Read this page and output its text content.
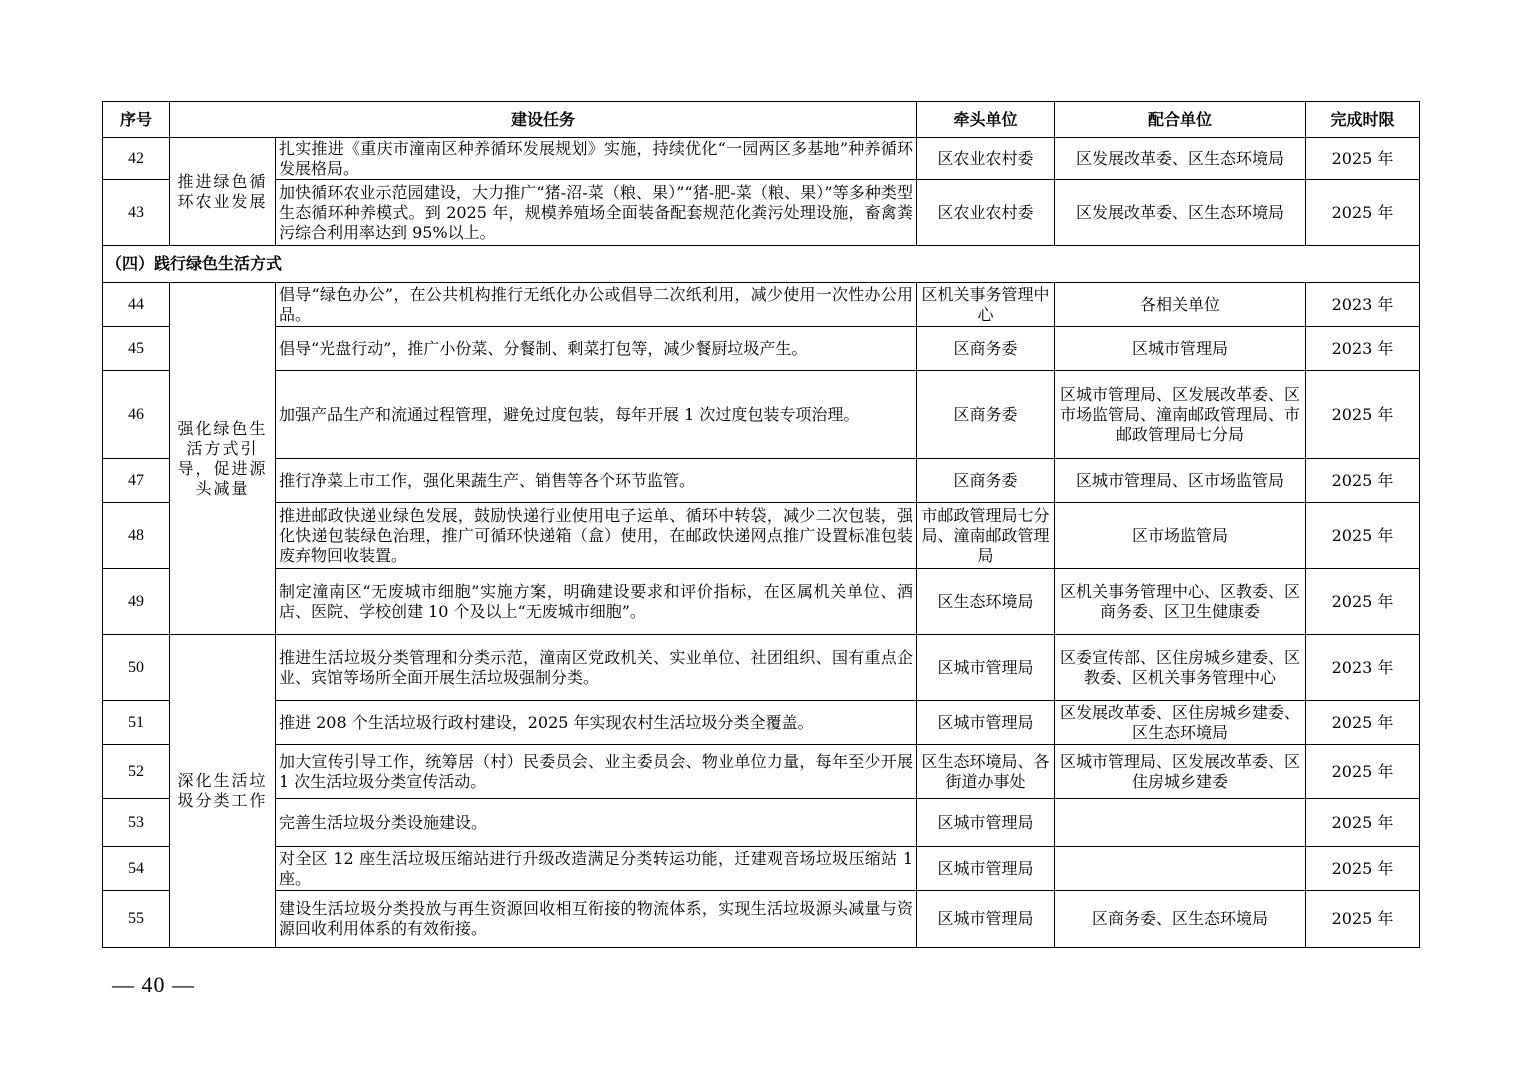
序号	建设任务		牵头单位	配合单位	完成时限
42	推进绿色循环农业发展	扎实推进《重庆市潼南区种养循环发展规划》实施，持续优化“一园两区多基地”种养循环发展格局。	区农业农村委	区发展改革委、区生态环境局	2025 年
43		加快循环农业示范园建设，大力推广“猪-沼-菜（粮、果）”“猪-肥-菜（粮、果）”等多种类型生态循环种养模式。到 2025 年，规模养殖场全面装备配套规范化粪污处理设施，畜禽粪污综合利用率达到 95%以上。	区农业农村委	区发展改革委、区生态环境局	2025 年
（四）践行绿色生活方式					
44	强化绿色生活方式引导，促进源头减量	倡导“绿色办公”，在公共机构推行无纸化办公或倡导二次纸利用，减少使用一次性办公用品。	区机关事务管理中心	各相关单位	2023 年
45		倡导“光盘行动”，推广小份菜、分餐制、剩菜打包等，减少餐厨垃圾产生。	区商务委	区城市管理局	2023 年
46		加强产品生产和流通过程管理，避免过度包装，每年开展 1 次过度包装专项治理。	区商务委	区城市管理局、区发展改革委、区市场监管局、潼南邮政管理局、市邮政管理局七分局	2025 年
47		推行净菜上市工作，强化果蔬生产、销售等各个环节监管。	区商务委	区城市管理局、区市场监管局	2025 年
48		推进邮政快递业绿色发展，鼓励快递行业使用电子运单、循环中转袋，减少二次包装，强化快递包装绿色治理，推广可循环快递箱（盒）使用，在邮政快递网点推广设置标准包装废弃物回收装置。	市邮政管理局七分局、潼南邮政管理局	区市场监管局	2025 年
49		制定潼南区“无废城市细胞”实施方案，明确建设要求和评价指标，在区属机关单位、酒店、医院、学校创建 10 个及以上“无废城市细胞”。	区生态环境局	区机关事务管理中心、区教委、区商务委、区卫生健康委	2025 年
50	深化生活垃圾分类工作	推进生活垃圾分类管理和分类示范，潼南区党政机关、实业单位、社团组织、国有重点企业、宾馆等场所全面开展生活垃圾强制分类。	区城市管理局	区委宣传部、区住房城乡建委、区教委、区机关事务管理中心	2023 年
51		推进 208 个生活垃圾行政村建设，2025 年实现农村生活垃圾分类全覆盖。	区城市管理局	区发展改革委、区住房城乡建委、区生态环境局	2025 年
52		加大宣传引导工作，统筹居（村）民委员会、业主委员会、物业单位力量，每年至少开展 1 次生活垃圾分类宣传活动。	区生态环境局、各街道办事处	区城市管理局、区发展改革委、区住房城乡建委	2025 年
53		完善生活垃圾分类设施建设。	区城市管理局		2025 年
54		对全区 12 座生活垃圾压缩站进行升级改造满足分类转运功能，迁建观音场垃圾压缩站 1 座。	区城市管理局		2025 年
55		建设生活垃圾分类投放与再生资源回收相互衔接的物流体系，实现生活垃圾源头减量与资源回收利用体系的有效衔接。	区城市管理局	区商务委、区生态环境局	2025 年
— 40 —
